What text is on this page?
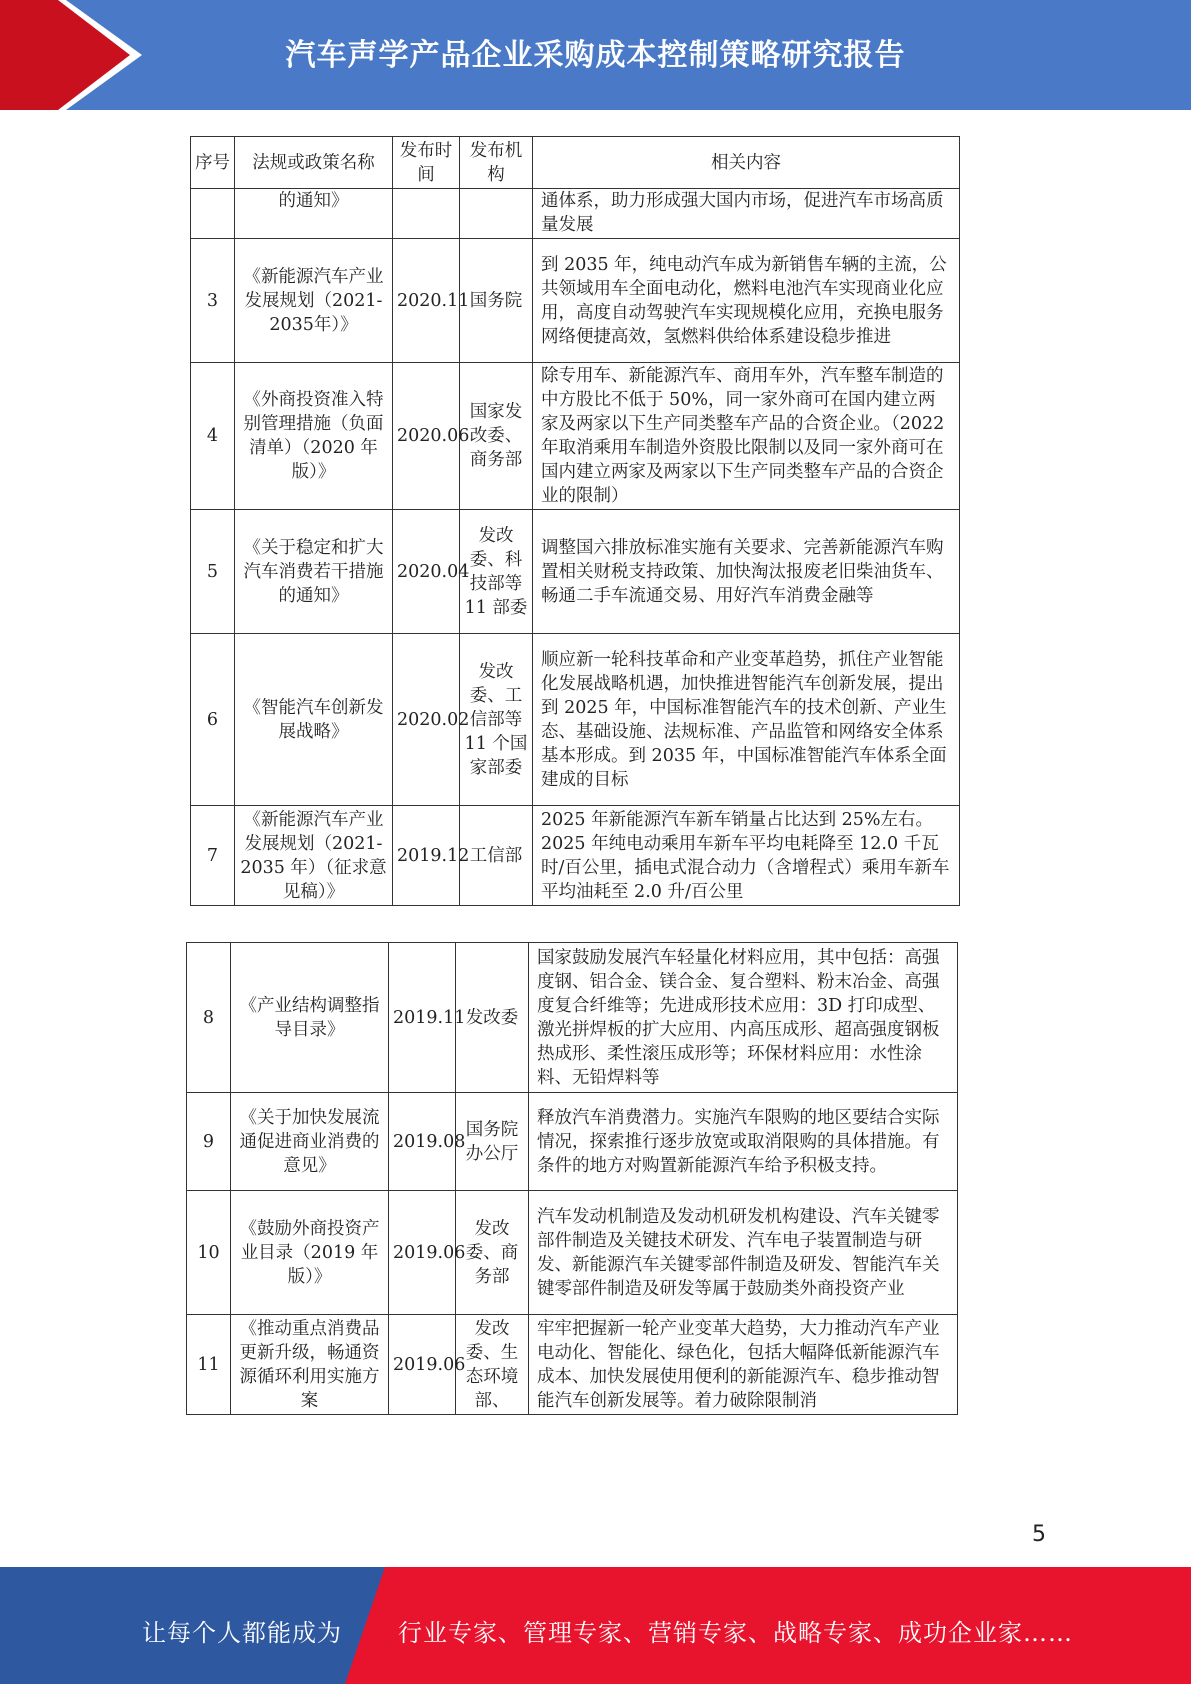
汽车声学产品企业采购成本控制策略研究报告
序号	法规或政策名称	发布时间	发布机构	相关内容
	的通知》			通体系，助力形成强大国内市场，促进汽车市场高质量发展
3	《新能源汽车产业发展规划（2021-2035年）》	2020.11	国务院	到 2035 年，纯电动汽车成为新销售车辆的主流，公共领域用车全面电动化，燃料电池汽车实现商业化应用，高度自动驾驶汽车实现规模化应用，充换电服务网络便捷高效，氢燃料供给体系建设稳步推进
4	《外商投资准入特别管理措施（负面清单）（2020 年版）》	2020.06	国家发改委、商务部	除专用车、新能源汽车、商用车外，汽车整车制造的中方股比不低于 50%，同一家外商可在国内建立两家及两家以下生产同类整车产品的合资企业。（2022 年取消乘用车制造外资股比限制以及同一家外商可在国内建立两家及两家以下生产同类整车产品的合资企业的限制）
5	《关于稳定和扩大汽车消费若干措施的通知》	2020.04	发改委、科技部等 11 部委	调整国六排放标准实施有关要求、完善新能源汽车购置相关财税支持政策、加快淘汰报废老旧柴油货车、畅通二手车流通交易、用好汽车消费金融等
6	《智能汽车创新发展战略》	2020.02	发改委、工信部等 11 个国家部委	顺应新一轮科技革命和产业变革趋势，抓住产业智能化发展战略机遇，加快推进智能汽车创新发展，提出到 2025 年，中国标准智能汽车的技术创新、产业生态、基础设施、法规标准、产品监管和网络安全体系基本形成。到 2035 年，中国标准智能汽车体系全面建成的目标
7	《新能源汽车产业发展规划（2021-2035 年）（征求意见稿）》	2019.12	工信部	2025 年新能源汽车新车销量占比达到 25%左右。2025 年纯电动乘用车新车平均电耗降至 12.0 千瓦时/百公里，插电式混合动力（含增程式）乘用车新车平均油耗至 2.0 升/百公里
8	《产业结构调整指导目录》	2019.11	发改委	国家鼓励发展汽车轻量化材料应用，其中包括：高强度钢、铝合金、镁合金、复合塑料、粉末冶金、高强度复合纤维等；先进成形技术应用：3D 打印成型、激光拼焊板的扩大应用、内高压成形、超高强度钢板热成形、柔性滚压成形等；环保材料应用：水性涂料、无铅焊料等
9	《关于加快发展流通促进商业消费的意见》	2019.08	国务院办公厅	释放汽车消费潜力。实施汽车限购的地区要结合实际情况，探索推行逐步放宽或取消限购的具体措施。有条件的地方对购置新能源汽车给予积极支持。
10	《鼓励外商投资产业目录（2019 年版）》	2019.06	发改委、商务部	汽车发动机制造及发动机研发机构建设、汽车关键零部件制造及关键技术研发、汽车电子装置制造与研发、新能源汽车关键零部件制造及研发、智能汽车关键零部件制造及研发等属于鼓励类外商投资产业
11	《推动重点消费品更新升级，畅通资源循环利用实施方案	2019.06	发改委、生态环境部、	牢牢把握新一轮产业变革大趋势，大力推动汽车产业电动化、智能化、绿色化，包括大幅降低新能源汽车成本、加快发展使用便利的新能源汽车、稳步推动智能汽车创新发展等。着力破除限制消
5
让每个人都能成为 行业专家、管理专家、营销专家、战略专家、成功企业家……
